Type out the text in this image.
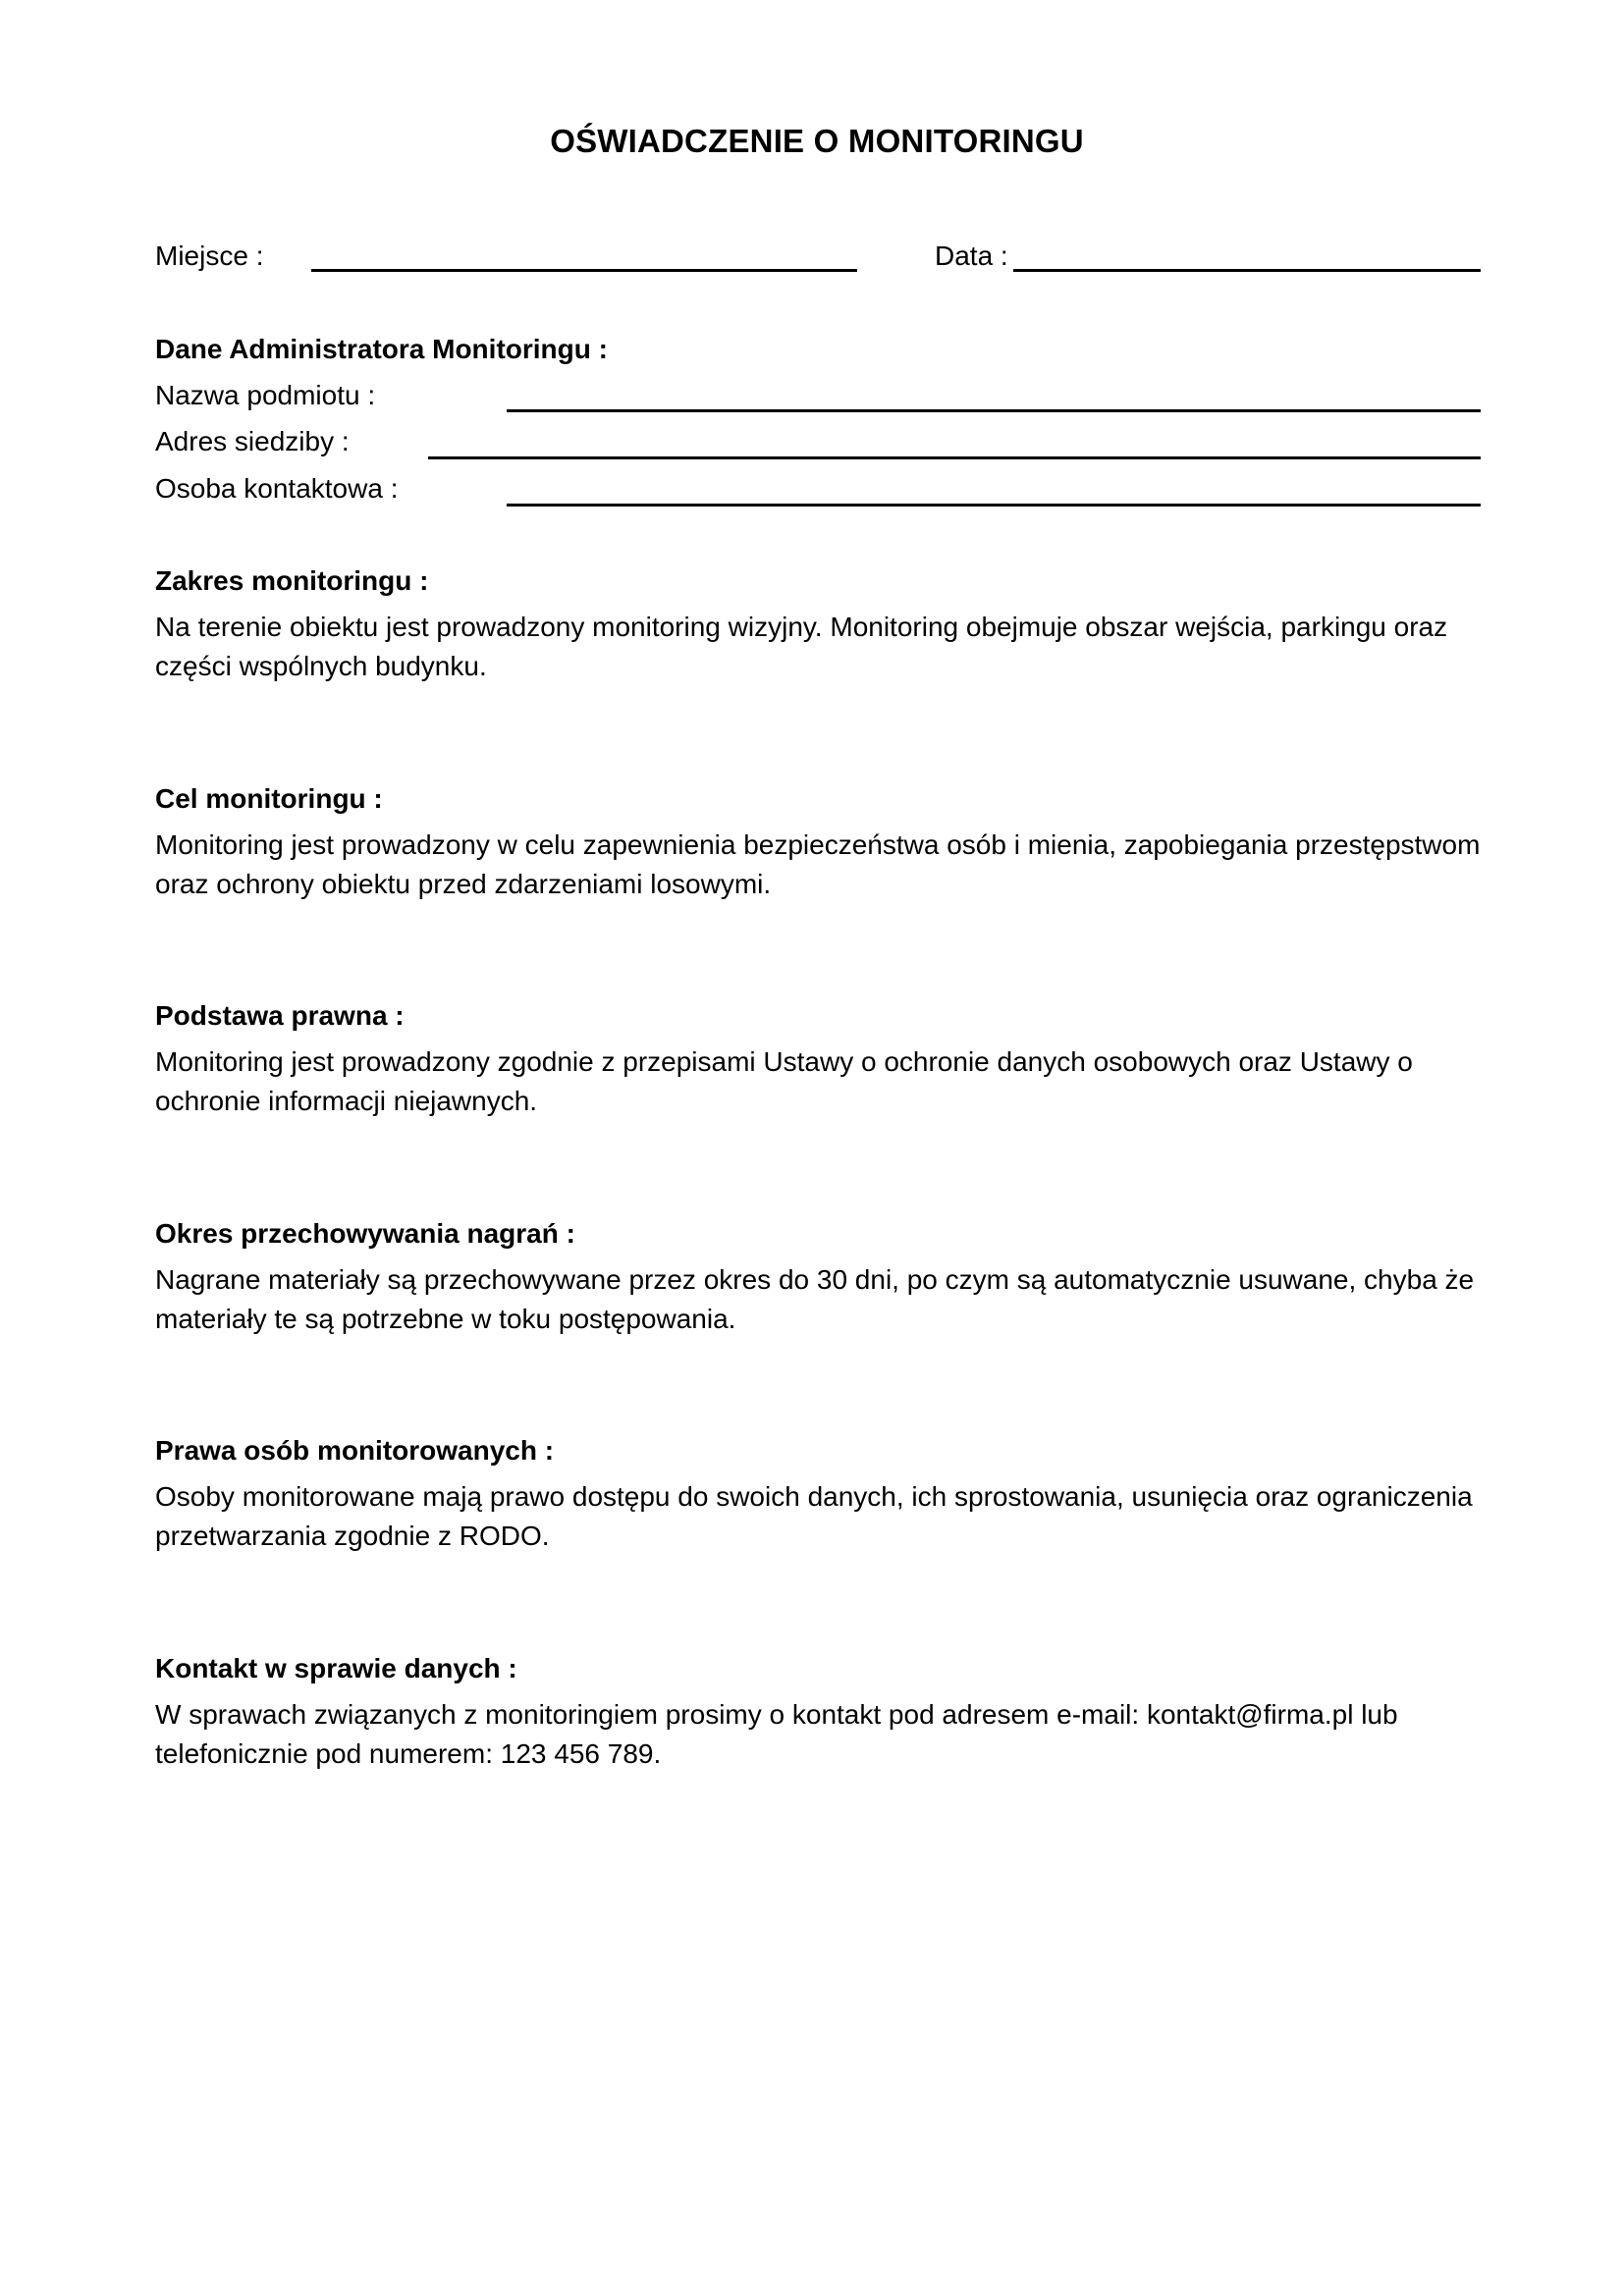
OŚWIADCZENIE O MONITORINGU
Miejsce :	Data :
Dane Administratora Monitoringu :
Nazwa podmiotu :
Adres siedziby :
Osoba kontaktowa :
Zakres monitoringu :
Na terenie obiektu jest prowadzony monitoring wizyjny. Monitoring obejmuje obszar wejścia, parkingu oraz części wspólnych budynku.
Cel monitoringu :
Monitoring jest prowadzony w celu zapewnienia bezpieczeństwa osób i mienia, zapobiegania przestępstwom oraz ochrony obiektu przed zdarzeniami losowymi.
Podstawa prawna :
Monitoring jest prowadzony zgodnie z przepisami Ustawy o ochronie danych osobowych oraz Ustawy o ochronie informacji niejawnych.
Okres przechowywania nagrań :
Nagrane materiały są przechowywane przez okres do 30 dni, po czym są automatycznie usuwane, chyba że materiały te są potrzebne w toku postępowania.
Prawa osób monitorowanych :
Osoby monitorowane mają prawo dostępu do swoich danych, ich sprostowania, usunięcia oraz ograniczenia przetwarzania zgodnie z RODO.
Kontakt w sprawie danych :
W sprawach związanych z monitoringiem prosimy o kontakt pod adresem e-mail: kontakt@firma.pl lub telefonicznie pod numerem: 123 456 789.
